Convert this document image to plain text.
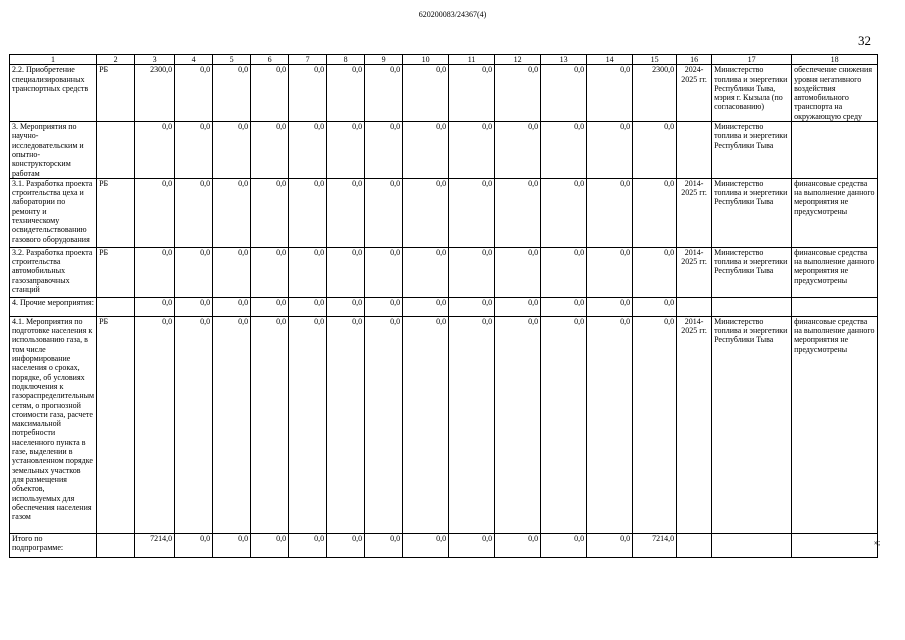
620200083/24367(4)
32
1	2	3	4	5	6	7	8	9	10	11	12	13	14	15	16	17	18
2.2. Приобретение специализированных транспортных средств	РБ	2300,0	0,0	0,0	0,0	0,0	0,0	0,0	0,0	0,0	0,0	0,0	0,0	2300,0	2024-2025 гг.	Министерство топлива и энергетики Республики Тыва, мэрия г. Кызыла (по согласованию)	обеспечение снижения уровня негативного воздействия автомобильного транспорта на окружающую среду
3. Мероприятия по научно-исследовательским и опытно-конструкторским работам		0,0	0,0	0,0	0,0	0,0	0,0	0,0	0,0	0,0	0,0	0,0	0,0	0,0		Министерство топлива и энергетики Республики Тыва	
3.1. Разработка проекта строительства цеха и лаборатории по ремонту и техническому освидетельствованию газового оборудования	РБ	0,0	0,0	0,0	0,0	0,0	0,0	0,0	0,0	0,0	0,0	0,0	0,0	0,0	2014-2025 гг.	Министерство топлива и энергетики Республики Тыва	финансовые средства на выполнение данного мероприятия не предусмотрены
3.2. Разработка проекта строительства автомобильных газозаправочных станций	РБ	0,0	0,0	0,0	0,0	0,0	0,0	0,0	0,0	0,0	0,0	0,0	0,0	0,0	2014-2025 гг.	Министерство топлива и энергетики Республики Тыва	финансовые средства на выполнение данного мероприятия не предусмотрены
4. Прочие мероприятия:		0,0	0,0	0,0	0,0	0,0	0,0	0,0	0,0	0,0	0,0	0,0	0,0	0,0			
4.1. Мероприятия по подготовке населения к использованию газа, в том числе информирование населения о сроках, порядке, об условиях подключения к газораспределительным сетям, о прогнозной стоимости газа, расчете максимальной потребности населенного пункта в газе, выделении в установленном порядке земельных участков для размещения объектов, используемых для обеспечения населения газом	РБ	0,0	0,0	0,0	0,0	0,0	0,0	0,0	0,0	0,0	0,0	0,0	0,0	0,0	2014-2025 гг.	Министерство топлива и энергетики Республики Тыва	финансовые средства на выполнение данного мероприятия не предусмотрены
Итого по подпрограмме:		7214,0	0,0	0,0	0,0	0,0	0,0	0,0	0,0	0,0	0,0	0,0	0,0	7214,0				»;
